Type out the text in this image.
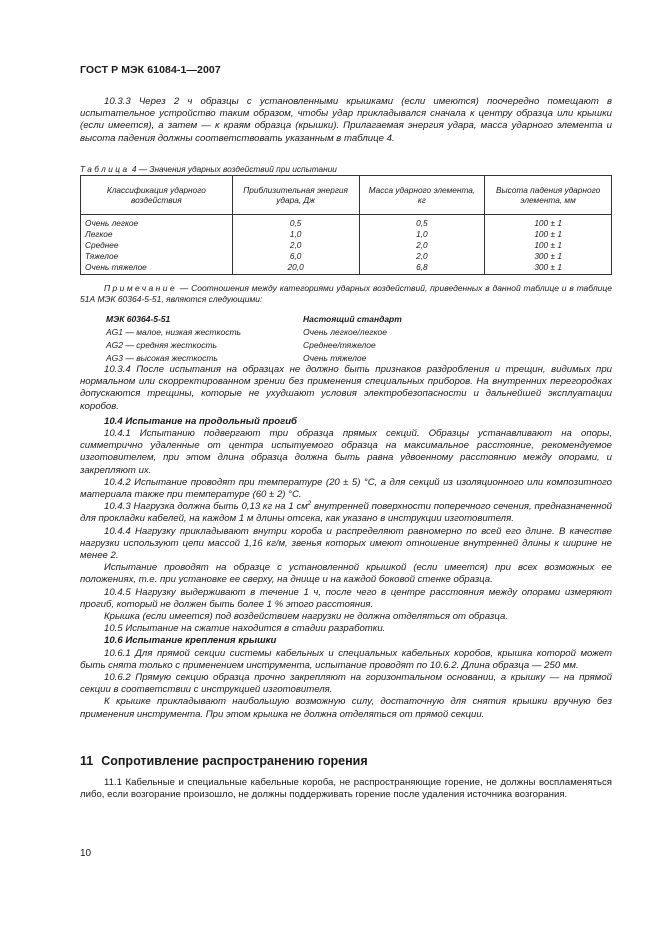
ГОСТ Р МЭК 61084-1—2007

10.3.3 Через 2 ч образцы с установленными крышками (если имеются) поочередно помещают в испытательное устройство таким образом, чтобы удар прикладывался сначала к центру образца или крышки (если имеется), а затем — к краям образца (крышки). Прилагаемая энергия удара, масса ударного элемента и высота падения должны соответствовать указанным в таблице 4.

Таблица 4 — Значения ударных воздействий при испытании
Классификация ударного воздействия	Приблизительная энергия удара, Дж	Масса ударного элемента, кг	Высота падения ударного элемента, мм
Очень легкое	0,5	0,5	100 ± 1
Легкое	1,0	1,0	100 ± 1
Среднее	2,0	2,0	100 ± 1
Тяжелое	6,0	2,0	300 ± 1
Очень тяжелое	20,0	6,8	300 ± 1
Примечание — Соотношения между категориями ударных воздействий, приведенных в данной таблице и в таблице 51А МЭК 60364-5-51, являются следующими:
МЭК 60364-5-51	Настоящий стандарт
AG1 — малое, низкая жесткость	Очень легкое/легкое
AG2 — средняя жесткость	Среднее/тяжелое
AG3 — высокая жесткость	Очень тяжелое

10.3.4 После испытания на образцах не должно быть признаков раздробления и трещин, видимых при нормальном или скорректированном зрении без применения специальных приборов. На внутренних перегородках допускаются трещины, которые не ухудшают условия электробезопасности и дальнейшей эксплуатации коробов.

10.4 Испытание на продольный прогиб

10.4.1 Испытанию подвергают три образца прямых секций. Образцы устанавливают на опоры, симметрично удаленные от центра испытуемого образца на максимальное расстояние, рекомендуемое изготовителем, при этом длина образца должна быть равна удвоенному расстоянию между опорами, и закрепляют их.

10.4.2 Испытание проводят при температуре (20 ± 5) °С, а для секций из изоляционного или композитного материала также при температуре (60 ± 2) °С.

10.4.3 Нагрузка должна быть 0,13 кг на 1 $см^2$ внутренней поверхности поперечного сечения, предназначенной для прокладки кабелей, на каждом 1 м длины отсека, как указано в инструкции изготовителя.

10.4.4 Нагрузку прикладывают внутри короба и распределяют равномерно по всей его длине. В качестве нагрузки используют цепи массой 1,16 кг/м, звенья которых имеют отношение внутренней длины к ширине не менее 2.

Испытание проводят на образце с установленной крышкой (если имеется) при всех возможных ее положениях, т.е. при установке ее сверху, на днище и на каждой боковой стенке образца.

10.4.5 Нагрузку выдерживают в течение 1 ч, после чего в центре расстояния между опорами измеряют прогиб, который не должен быть более 1 % этого расстояния.

Крышка (если имеется) под воздействием нагрузки не должна отделяться от образца.

10.5 Испытание на сжатие находится в стадии разработки.

10.6 Испытание крепления крышки

10.6.1 Для прямой секции системы кабельных и специальных кабельных коробов, крышка которой может быть снята только с применением инструмента, испытание проводят по 10.6.2. Длина образца — 250 мм.

10.6.2 Прямую секцию образца прочно закрепляют на горизонтальном основании, а крышку — на прямой секции в соответствии с инструкцией изготовителя.

К крышке прикладывают наибольшую возможную силу, достаточную для снятия крышки вручную без применения инструмента. При этом крышка не должна отделяться от прямой секции.

11 Сопротивление распространению горения

11.1 Кабельные и специальные кабельные короба, не распространяющие горение, не должны воспламеняться либо, если возгорание произошло, не должны поддерживать горение после удаления источника возгорания.

10
